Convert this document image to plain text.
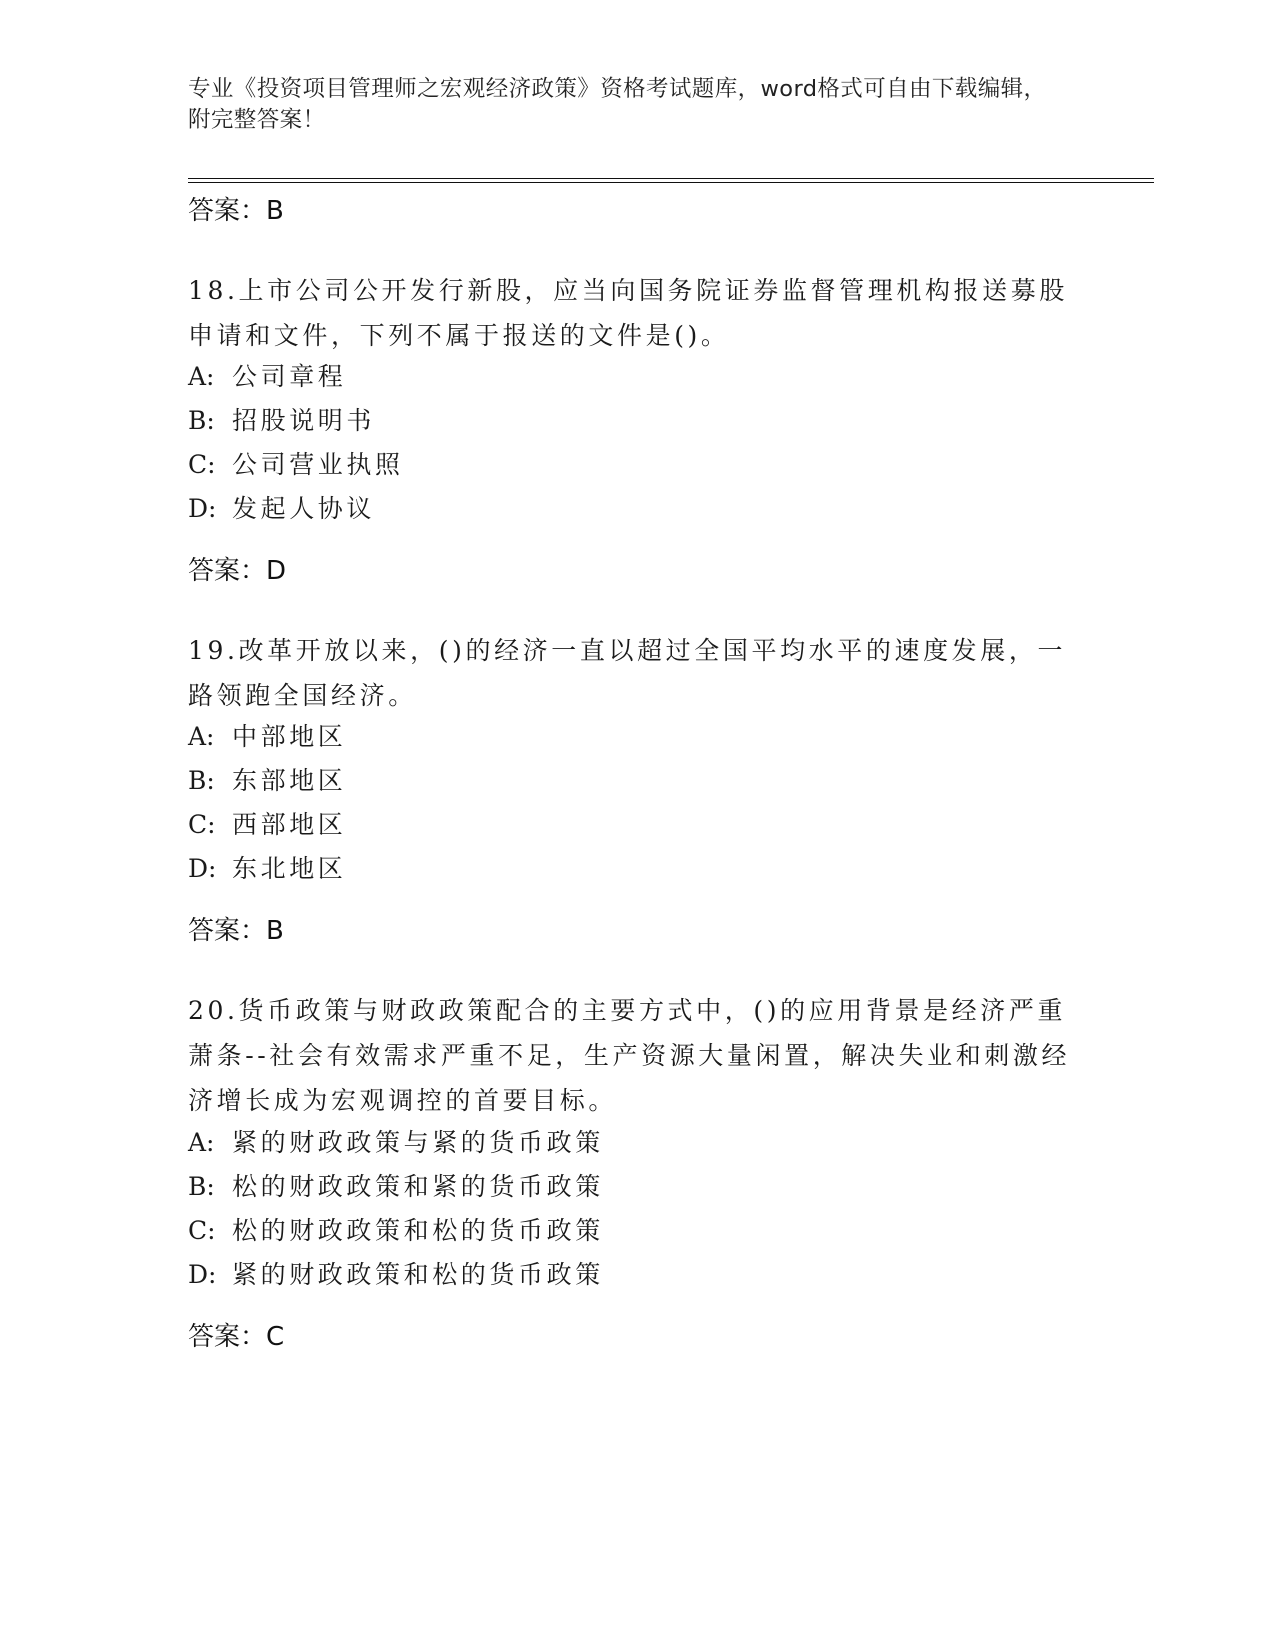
专业《投资项目管理师之宏观经济政策》资格考试题库，word格式可自由下载编辑，附完整答案！
答案：B
18.上市公司公开发行新股，应当向国务院证券监督管理机构报送募股申请和文件，下列不属于报送的文件是()。
A: 公司章程
B: 招股说明书
C: 公司营业执照
D: 发起人协议
答案：D
19.改革开放以来，()的经济一直以超过全国平均水平的速度发展，一路领跑全国经济。
A: 中部地区
B: 东部地区
C: 西部地区
D: 东北地区
答案：B
20.货币政策与财政政策配合的主要方式中，()的应用背景是经济严重萧条--社会有效需求严重不足，生产资源大量闲置，解决失业和刺激经济增长成为宏观调控的首要目标。
A: 紧的财政政策与紧的货币政策
B: 松的财政政策和紧的货币政策
C: 松的财政政策和松的货币政策
D: 紧的财政政策和松的货币政策
答案：C
